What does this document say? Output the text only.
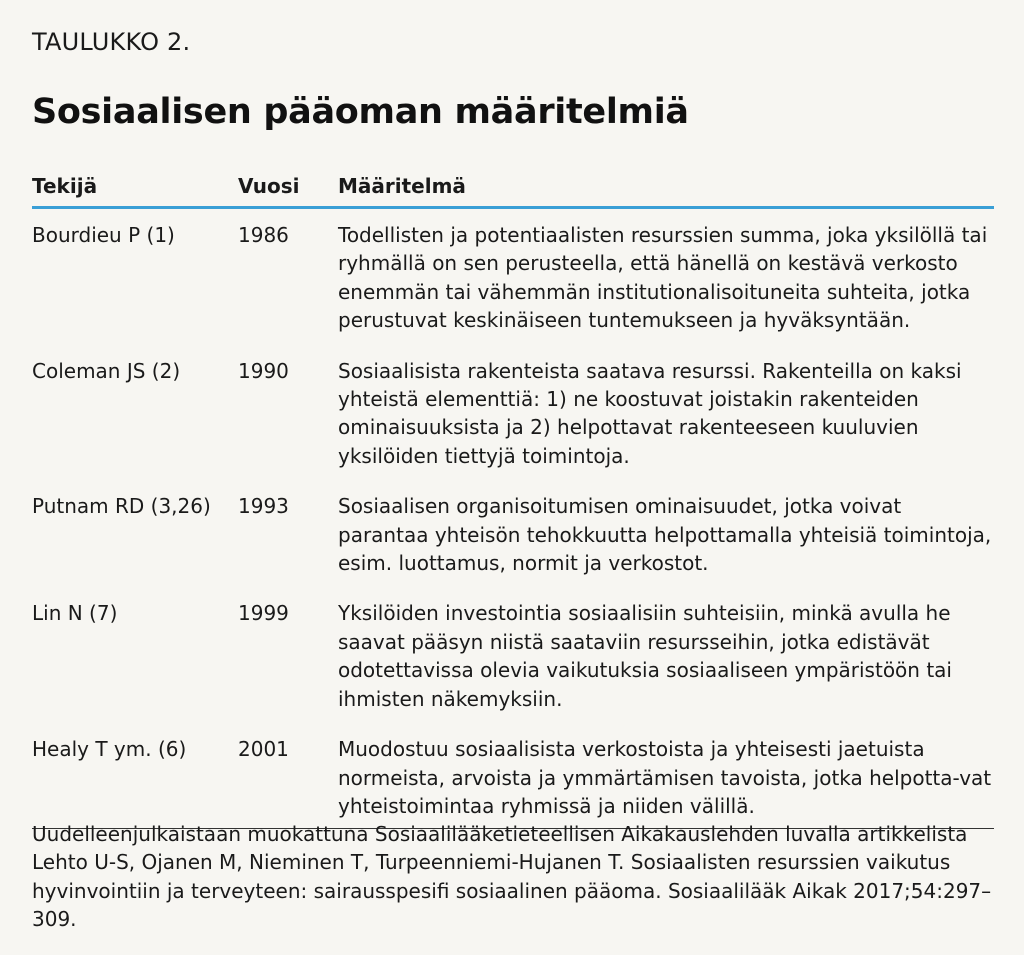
TAULUKKO 2.
Sosiaalisen pääoman määritelmiä
Tekijä	Vuosi	Määritelmä
Bourdieu P (1)	1986	Todellisten ja potentiaalisten resurssien summa, joka yksilöllä tai ryhmällä on sen perusteella, että hänellä on kestävä verkosto enemmän tai vähemmän institutionalisoituneita suhteita, jotka perustuvat keskinäiseen tuntemukseen ja hyväksyntään.
Coleman JS (2)	1990	Sosiaalisista rakenteista saatava resurssi. Rakenteilla on kaksi yhteistä elementtiä: 1) ne koostuvat joistakin rakenteiden ominaisuuksista ja 2) helpottavat rakenteeseen kuuluvien yksilöiden tiettyjä toimintoja.
Putnam RD (3,26)	1993	Sosiaalisen organisoitumisen ominaisuudet, jotka voivat parantaa yhteisön tehokkuutta helpottamalla yhteisiä toimintoja, esim. luottamus, normit ja verkostot.
Lin N (7)	1999	Yksilöiden investointia sosiaalisiin suhteisiin, minkä avulla he saavat pääsyn niistä saataviin resursseihin, jotka edistävät odotettavissa olevia vaikutuksia sosiaaliseen ympäristöön tai ihmisten näkemyksiin.
Healy T ym. (6)	2001	Muodostuu sosiaalisista verkostoista ja yhteisesti jaetuista normeista, arvoista ja ymmärtämisen tavoista, jotka helpotta-vat yhteistoimintaa ryhmissä ja niiden välillä.
Uudelleenjulkaistaan muokattuna Sosiaalilääketieteellisen Aikakauslehden luvalla artikkelista Lehto U-S, Ojanen M, Nieminen T, Turpeenniemi-Hujanen T. Sosiaalisten resurssien vaikutus hyvinvointiin ja terveyteen: sairausspesifi sosiaalinen pääoma. Sosiaalilääk Aikak 2017;54:297–309.
